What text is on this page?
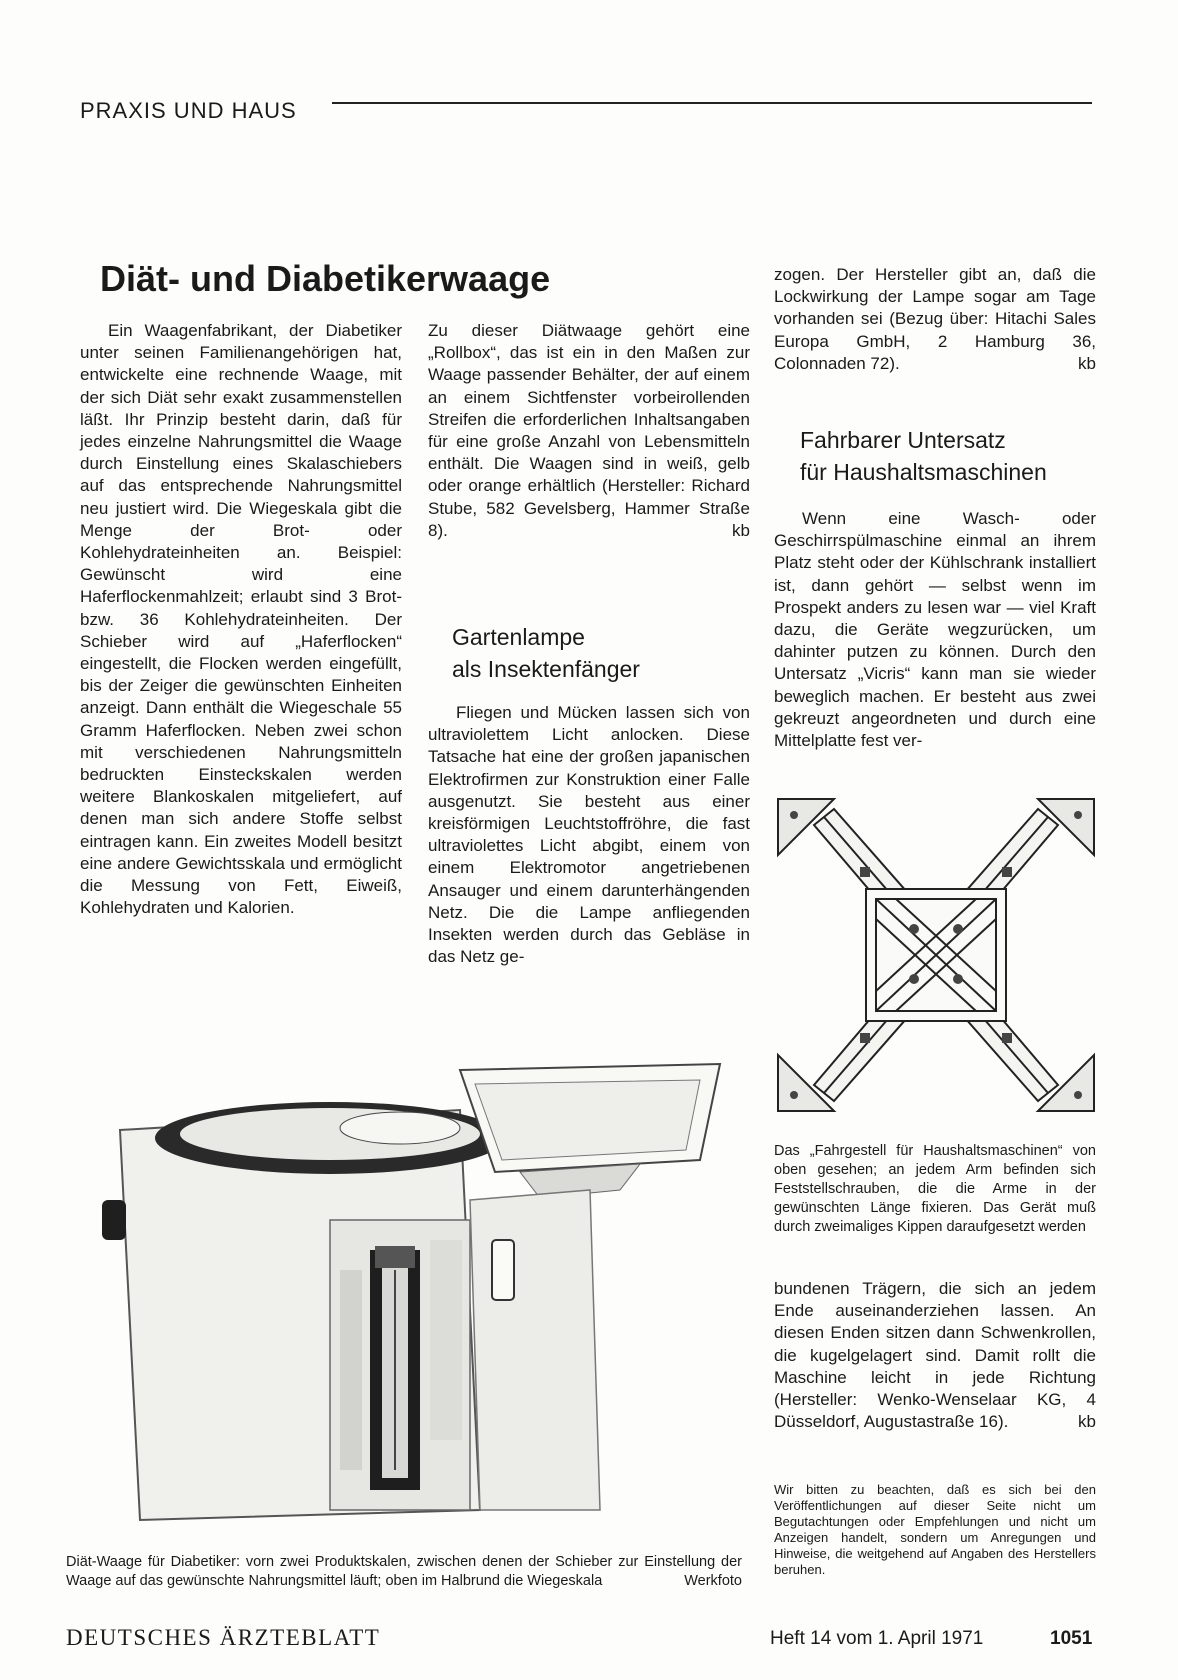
PRAXIS UND HAUS
Diät- und Diabetikerwaage

Ein Waagenfabrikant, der Diabetiker unter seinen Familienangehörigen hat, entwickelte eine rechnende Waage, mit der sich Diät sehr exakt zusammenstellen läßt. Ihr Prinzip besteht darin, daß für jedes einzelne Nahrungsmittel die Waage durch Einstellung eines Skalaschiebers auf das entsprechende Nahrungsmittel neu justiert wird. Die Wiegeskala gibt die Menge der Brot- oder Kohlehydrateinheiten an. Beispiel: Gewünscht wird eine Haferflockenmahlzeit; erlaubt sind 3 Brot- bzw. 36 Kohlehydrateinheiten. Der Schieber wird auf „Haferflocken“ eingestellt, die Flocken werden eingefüllt, bis der Zeiger die gewünschten Einheiten anzeigt. Dann enthält die Wiegeschale 55 Gramm Haferflocken. Neben zwei schon mit verschiedenen Nahrungsmitteln bedruckten Einsteckskalen werden weitere Blankoskalen mitgeliefert, auf denen man sich andere Stoffe selbst eintragen kann. Ein zweites Modell besitzt eine andere Gewichtsskala und ermöglicht die Messung von Fett, Eiweiß, Kohlehydraten und Kalorien.

Zu dieser Diätwaage gehört eine „Rollbox“, das ist ein in den Maßen zur Waage passender Behälter, der auf einem an einem Sichtfenster vorbeirollenden Streifen die erforderlichen Inhaltsangaben für eine große Anzahl von Lebensmitteln enthält. Die Waagen sind in weiß, gelb oder orange erhältlich (Hersteller: Richard Stube, 582 Gevelsberg, Hammer Straße 8).	kb

Gartenlampe
als Insektenfänger

Fliegen und Mücken lassen sich von ultraviolettem Licht anlocken. Diese Tatsache hat eine der großen japanischen Elektrofirmen zur Konstruktion einer Falle ausgenutzt. Sie besteht aus einer kreisförmigen Leuchtstoffröhre, die fast ultraviolettes Licht abgibt, einem von einem Elektromotor angetriebenen Ansauger und einem darunterhängenden Netz. Die die Lampe anfliegenden Insekten werden durch das Gebläse in das Netz ge-

zogen. Der Hersteller gibt an, daß die Lockwirkung der Lampe sogar am Tage vorhanden sei (Bezug über: Hitachi Sales Europa GmbH, 2 Hamburg 36, Colonnaden 72).	kb

Fahrbarer Untersatz
für Haushaltsmaschinen

Wenn eine Wasch- oder Geschirrspülmaschine einmal an ihrem Platz steht oder der Kühlschrank installiert ist, dann gehört — selbst wenn im Prospekt anders zu lesen war — viel Kraft dazu, die Geräte wegzurücken, um dahinter putzen zu können. Durch den Untersatz „Vicris“ kann man sie wieder beweglich machen. Er besteht aus zwei gekreuzt angeordneten und durch eine Mittelplatte fest ver-

Das „Fahrgestell für Haushaltsmaschinen“ von oben gesehen; an jedem Arm befinden sich Feststellschrauben, die die Arme in der gewünschten Länge fixieren. Das Gerät muß durch zweimaliges Kippen daraufgesetzt werden

bundenen Trägern, die sich an jedem Ende auseinanderziehen lassen. An diesen Enden sitzen dann Schwenkrollen, die kugelgelagert sind. Damit rollt die Maschine leicht in jede Richtung (Hersteller: Wenko-Wenselaar KG, 4 Düsseldorf, Augustastraße 16).	kb

Wir bitten zu beachten, daß es sich bei den Veröffentlichungen auf dieser Seite nicht um Begutachtungen oder Empfehlungen und nicht um Anzeigen handelt, sondern um Anregungen und Hinweise, die weitgehend auf Angaben des Herstellers beruhen.

Diät-Waage für Diabetiker: vorn zwei Produktskalen, zwischen denen der Schieber zur Einstellung der Waage auf das gewünschte Nahrungsmittel läuft; oben im Halbrund die Wiegeskala	Werkfoto
DEUTSCHES ÄRZTEBLATT	Heft 14 vom 1. April 1971	1051
